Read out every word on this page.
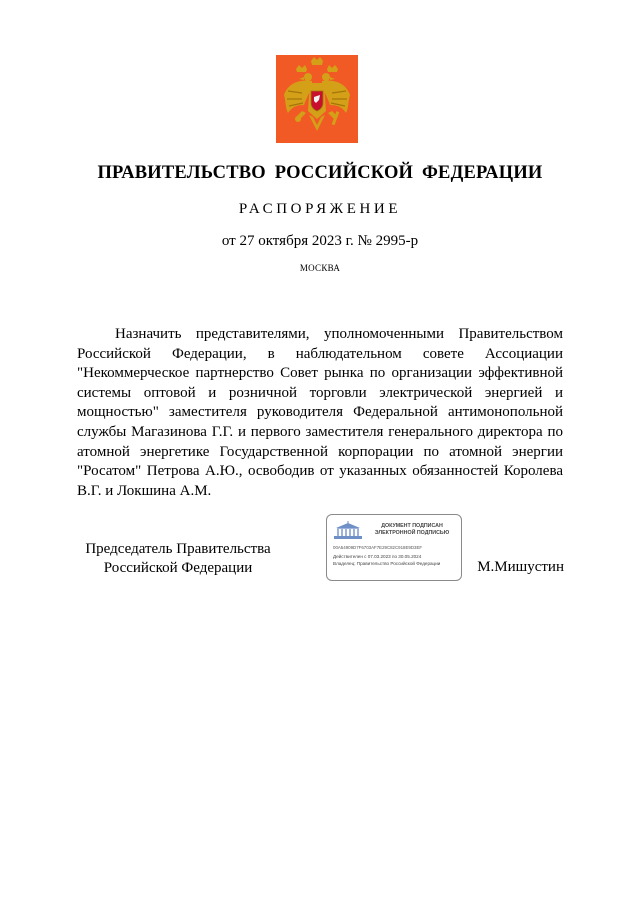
ПРАВИТЕЛЬСТВО РОССИЙСКОЙ ФЕДЕРАЦИИ
РАСПОРЯЖЕНИЕ
от 27 октября 2023 г. № 2995-р
МОСКВА
Назначить представителями, уполномоченными Правительством Российской Федерации, в наблюдательном совете Ассоциации "Некоммерческое партнерство Совет рынка по организации эффективной системы оптовой и розничной торговли электрической энергией и мощностью" заместителя руководителя Федеральной антимонопольной службы Магазинова Г.Г. и первого заместителя генерального директора по атомной энергетике Государственной корпорации по атомной энергии "Росатом" Петрова А.Ю., освободив от указанных обязанностей Королева В.Г. и Локшина А.М.
Председатель Правительства
Российской Федерации
ДОКУМЕНТ ПОДПИСАН
ЭЛЕКТРОННОЙ ПОДПИСЬЮ
00A54909D7F6703AF7E29C82C918E9D3EF
Действителен с 07.03.2023 по 30.05.2024
Владелец: Правительство Российской Федерации	М.Мишустин
